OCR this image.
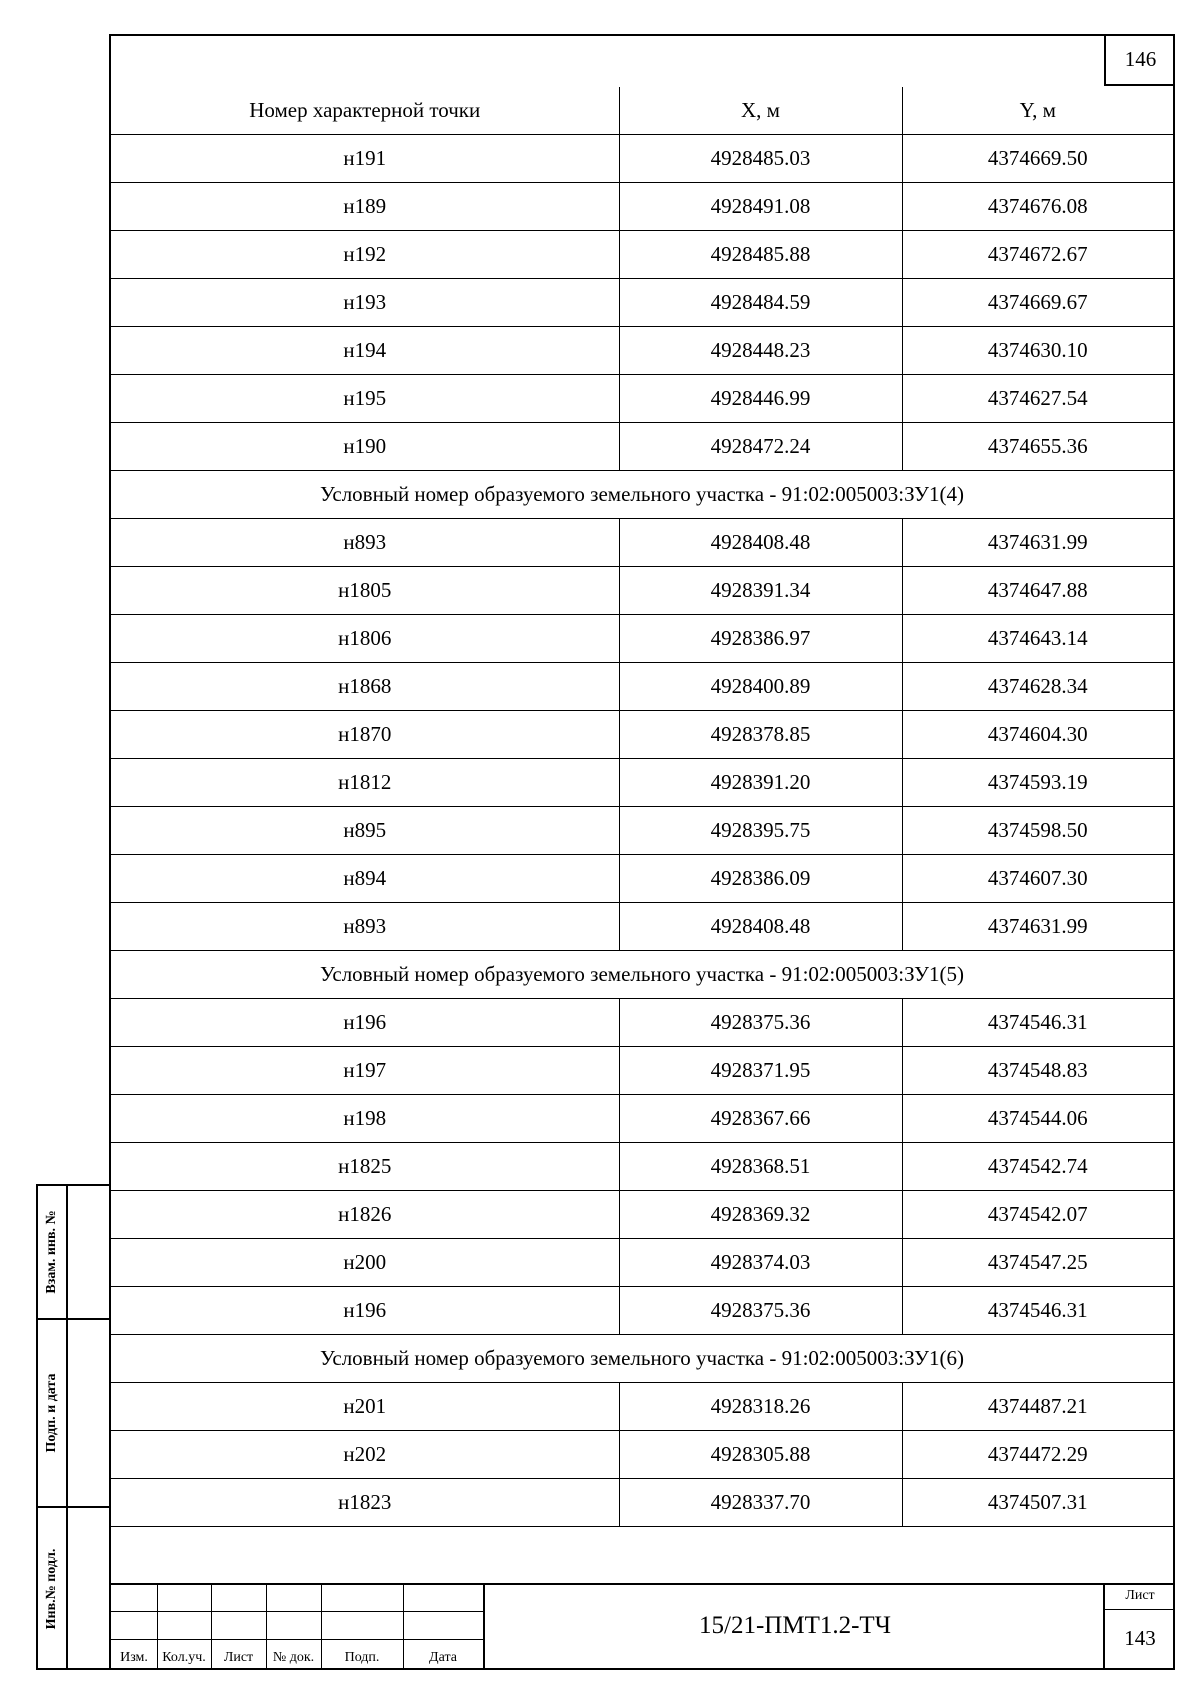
146
Номер характерной точки	X, м	Y, м
н191	4928485.03	4374669.50
н189	4928491.08	4374676.08
н192	4928485.88	4374672.67
н193	4928484.59	4374669.67
н194	4928448.23	4374630.10
н195	4928446.99	4374627.54
н190	4928472.24	4374655.36
Условный номер образуемого земельного участка - 91:02:005003:ЗУ1(4)		
н893	4928408.48	4374631.99
н1805	4928391.34	4374647.88
н1806	4928386.97	4374643.14
н1868	4928400.89	4374628.34
н1870	4928378.85	4374604.30
н1812	4928391.20	4374593.19
н895	4928395.75	4374598.50
н894	4928386.09	4374607.30
н893	4928408.48	4374631.99
Условный номер образуемого земельного участка - 91:02:005003:ЗУ1(5)		
н196	4928375.36	4374546.31
н197	4928371.95	4374548.83
н198	4928367.66	4374544.06
н1825	4928368.51	4374542.74
н1826	4928369.32	4374542.07
н200	4928374.03	4374547.25
н196	4928375.36	4374546.31
Условный номер образуемого земельного участка - 91:02:005003:ЗУ1(6)		
н201	4928318.26	4374487.21
н202	4928305.88	4374472.29
н1823	4928337.70	4374507.31
Взам. инв. №
Подп. и дата
Инв.№ подл.
Изм.	Кол.уч.	Лист	№ док.	Подп.	Дата
15/21-ПМТ1.2-ТЧ
Лист
143
